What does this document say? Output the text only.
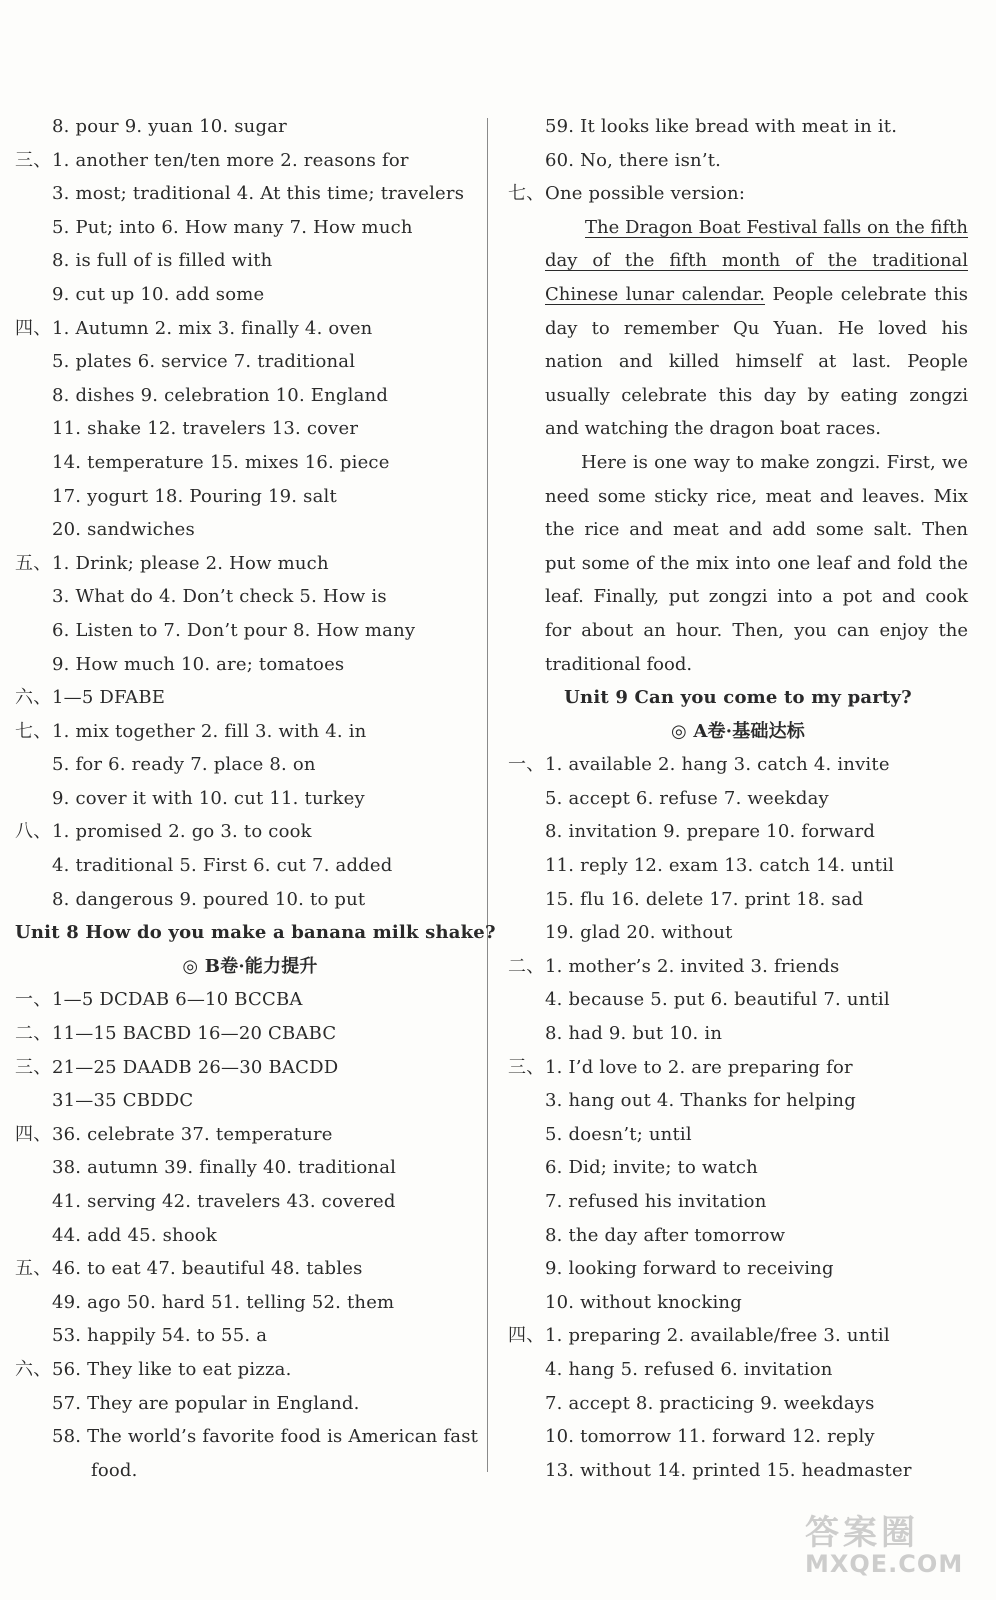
8. pour 9. yuan 10. sugar
三、 1. another ten/ten more 2. reasons for
3. most; traditional 4. At this time; travelers
5. Put; into 6. How many 7. How much
8. is full of is filled with
9. cut up 10. add some
四、 1. Autumn 2. mix 3. finally 4. oven
5. plates 6. service 7. traditional
8. dishes 9. celebration 10. England
11. shake 12. travelers 13. cover
14. temperature 15. mixes 16. piece
17. yogurt 18. Pouring 19. salt
20. sandwiches
五、 1. Drink; please 2. How much
3. What do 4. Don’t check 5. How is
6. Listen to 7. Don’t pour 8. How many
9. How much 10. are; tomatoes
六、 1—5 DFABE
七、 1. mix together 2. fill 3. with 4. in
5. for 6. ready 7. place 8. on
9. cover it with 10. cut 11. turkey
八、 1. promised 2. go 3. to cook
4. traditional 5. First 6. cut 7. added
8. dangerous 9. poured 10. to put
Unit 8 How do you make a banana milk shake?
◎ B卷·能力提升
一、 1—5 DCDAB 6—10 BCCBA
二、 11—15 BACBD 16—20 CBABC
三、 21—25 DAADB 26—30 BACDD
31—35 CBDDC
四、 36. celebrate 37. temperature
38. autumn 39. finally 40. traditional
41. serving 42. travelers 43. covered
44. add 45. shook
五、 46. to eat 47. beautiful 48. tables
49. ago 50. hard 51. telling 52. them
53. happily 54. to 55. a
六、 56. They like to eat pizza.
57. They are popular in England.
58. The world’s favorite food is American fast
food.
59. It looks like bread with meat in it.
60. No, there isn’t.
七、 One possible version:

The Dragon Boat Festival falls on the fifth day of the fifth month of the traditional Chinese lunar calendar. People celebrate this day to remember Qu Yuan. He loved his nation and killed himself at last. People usually celebrate this day by eating zongzi and watching the dragon boat races.

Here is one way to make zongzi. First, we need some sticky rice, meat and leaves. Mix the rice and meat and add some salt. Then put some of the mix into one leaf and fold the leaf. Finally, put zongzi into a pot and cook for about an hour. Then, you can enjoy the traditional food.

Unit 9 Can you come to my party?
◎ A卷·基础达标
一、 1. available 2. hang 3. catch 4. invite
5. accept 6. refuse 7. weekday
8. invitation 9. prepare 10. forward
11. reply 12. exam 13. catch 14. until
15. flu 16. delete 17. print 18. sad
19. glad 20. without
二、 1. mother’s 2. invited 3. friends
4. because 5. put 6. beautiful 7. until
8. had 9. but 10. in
三、 1. I’d love to 2. are preparing for
3. hang out 4. Thanks for helping
5. doesn’t; until
6. Did; invite; to watch
7. refused his invitation
8. the day after tomorrow
9. looking forward to receiving
10. without knocking
四、 1. preparing 2. available/free 3. until
4. hang 5. refused 6. invitation
7. accept 8. practicing 9. weekdays
10. tomorrow 11. forward 12. reply
13. without 14. printed 15. headmaster
答案圈
MXQE.COM
